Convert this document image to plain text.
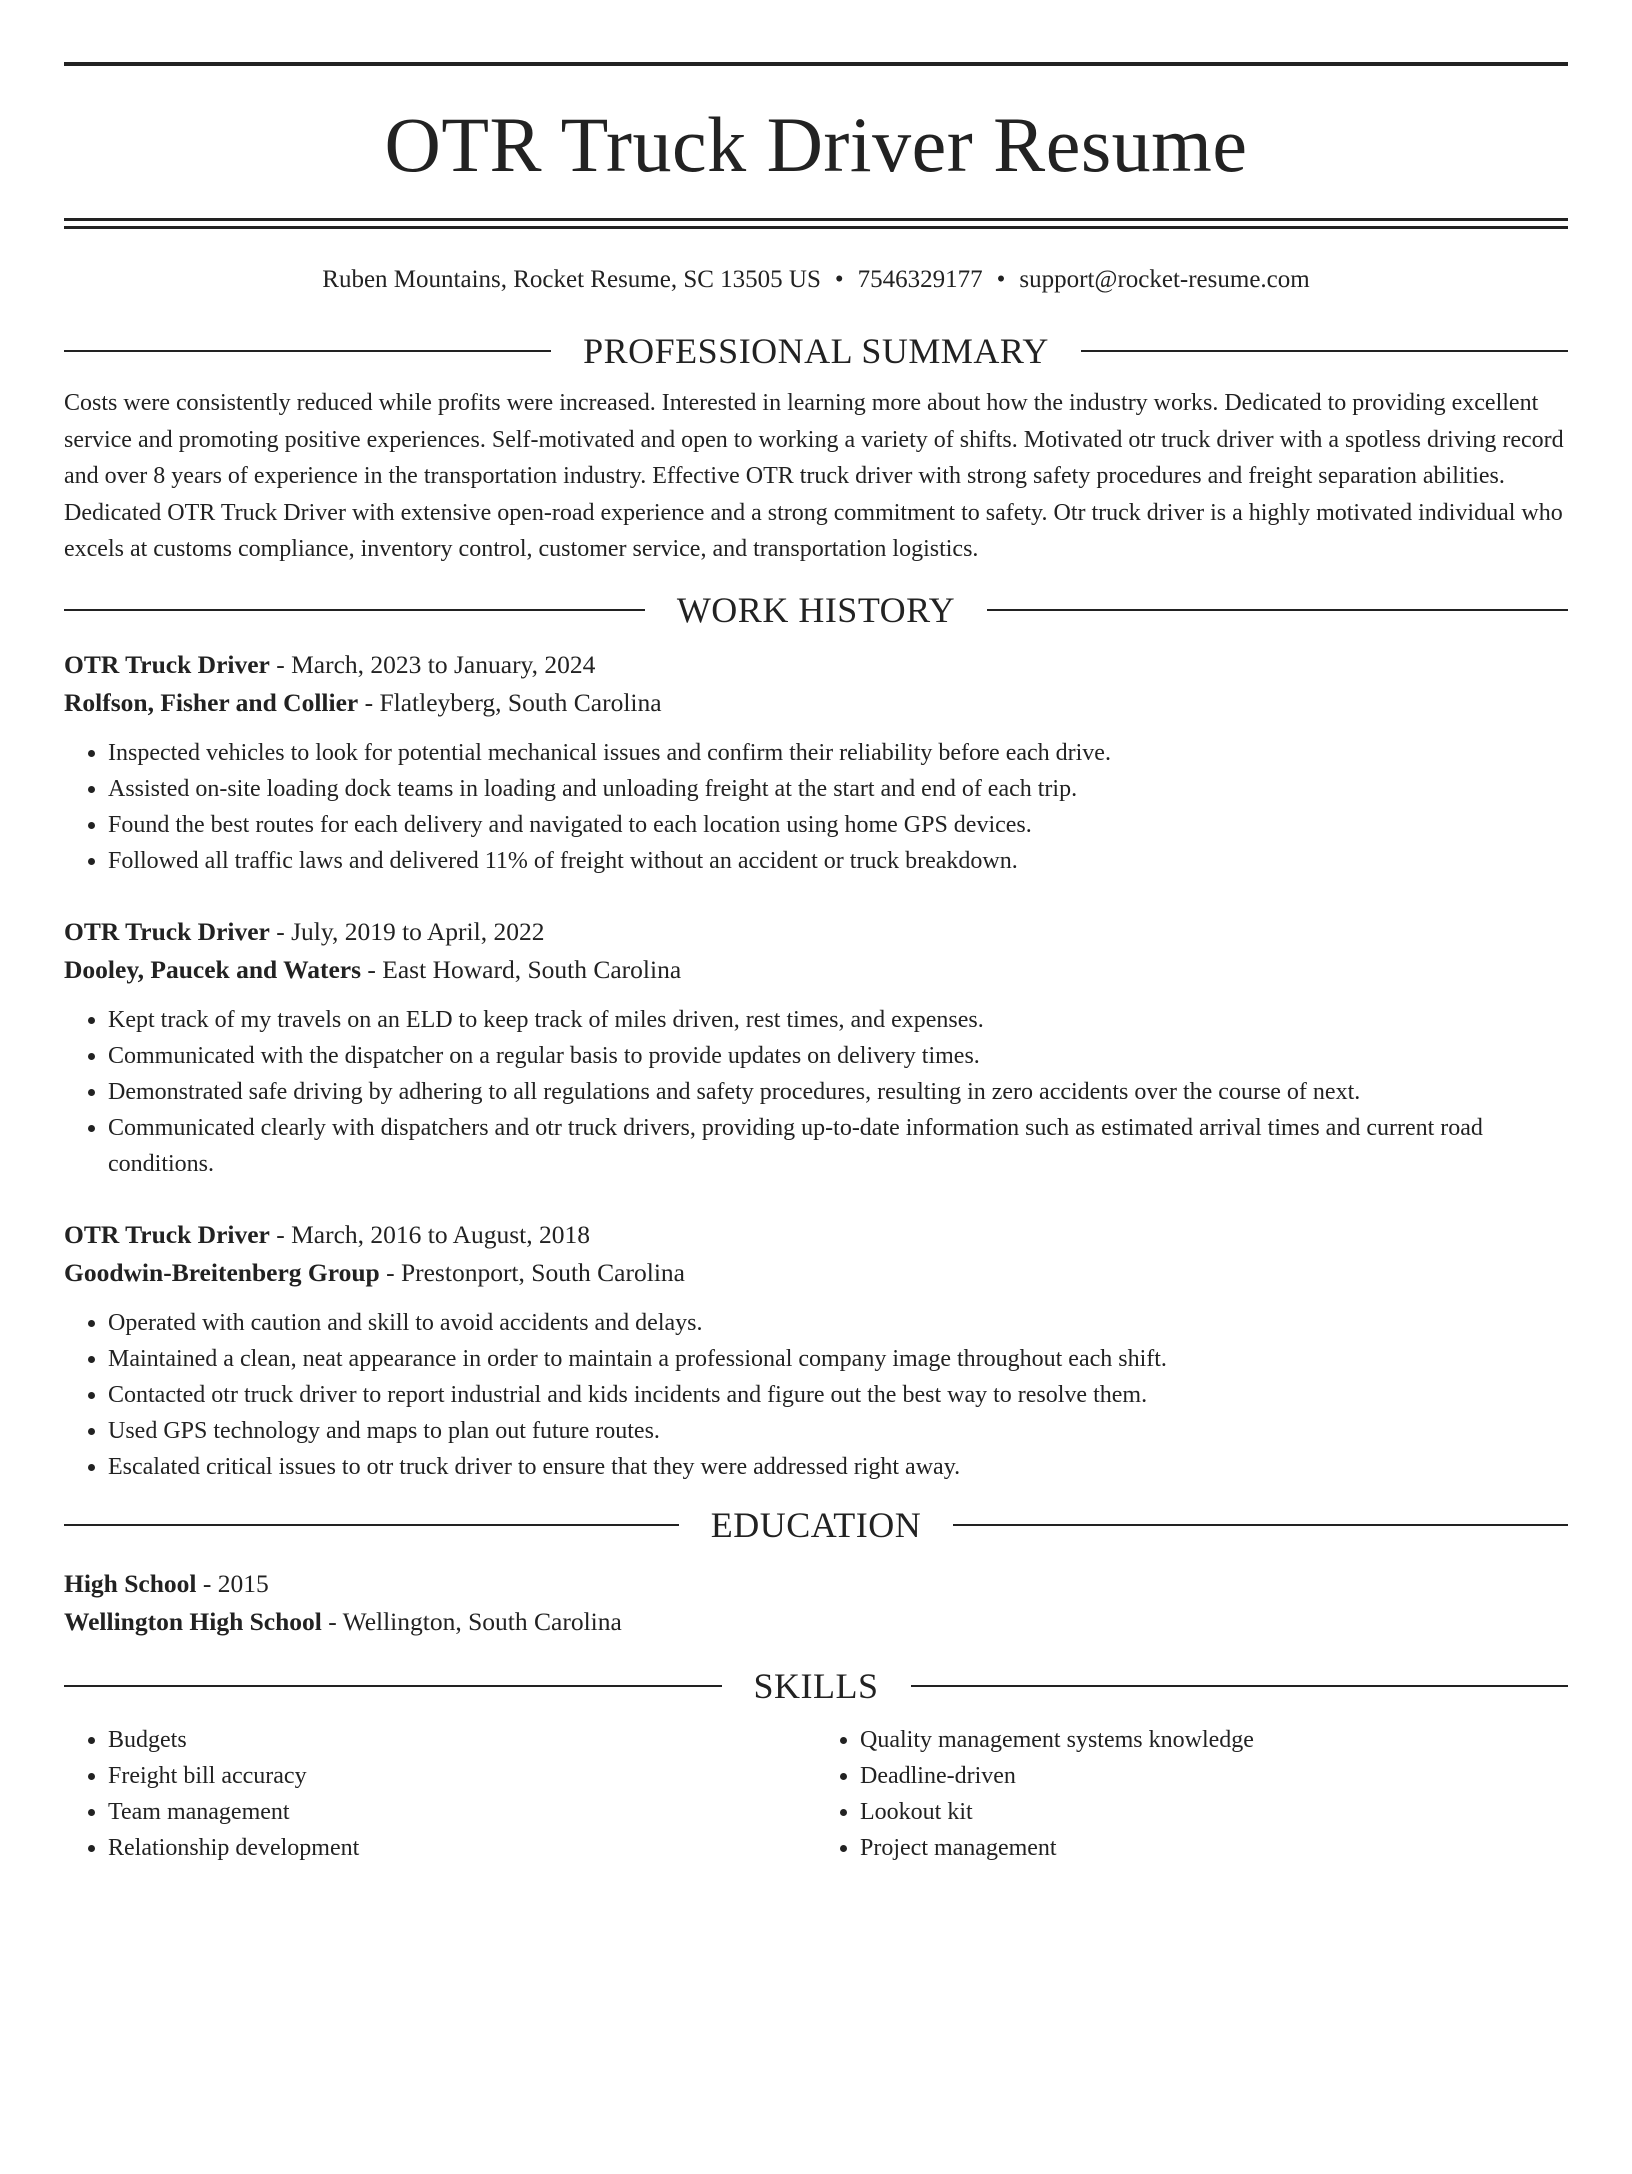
OTR Truck Driver Resume
Ruben Mountains, Rocket Resume, SC 13505 US • 7546329177 • support@rocket-resume.com
PROFESSIONAL SUMMARY

Costs were consistently reduced while profits were increased. Interested in learning more about how the industry works. Dedicated to providing excellent service and promoting positive experiences. Self-motivated and open to working a variety of shifts. Motivated otr truck driver with a spotless driving record and over 8 years of experience in the transportation industry. Effective OTR truck driver with strong safety procedures and freight separation abilities. Dedicated OTR Truck Driver with extensive open-road experience and a strong commitment to safety. Otr truck driver is a highly motivated individual who excels at customs compliance, inventory control, customer service, and transportation logistics.

WORK HISTORY
OTR Truck Driver - March, 2023 to January, 2024
Rolfson, Fisher and Collier - Flatleyberg, South Carolina
• Inspected vehicles to look for potential mechanical issues and confirm their reliability before each drive.
• Assisted on-site loading dock teams in loading and unloading freight at the start and end of each trip.
• Found the best routes for each delivery and navigated to each location using home GPS devices.
• Followed all traffic laws and delivered 11% of freight without an accident or truck breakdown.
OTR Truck Driver - July, 2019 to April, 2022
Dooley, Paucek and Waters - East Howard, South Carolina
• Kept track of my travels on an ELD to keep track of miles driven, rest times, and expenses.
• Communicated with the dispatcher on a regular basis to provide updates on delivery times.
• Demonstrated safe driving by adhering to all regulations and safety procedures, resulting in zero accidents over the course of next.
• Communicated clearly with dispatchers and otr truck drivers, providing up-to-date information such as estimated arrival times and current road conditions.
OTR Truck Driver - March, 2016 to August, 2018
Goodwin-Breitenberg Group - Prestonport, South Carolina
• Operated with caution and skill to avoid accidents and delays.
• Maintained a clean, neat appearance in order to maintain a professional company image throughout each shift.
• Contacted otr truck driver to report industrial and kids incidents and figure out the best way to resolve them.
• Used GPS technology and maps to plan out future routes.
• Escalated critical issues to otr truck driver to ensure that they were addressed right away.
EDUCATION
High School - 2015
Wellington High School - Wellington, South Carolina
SKILLS
• Budgets
• Freight bill accuracy
• Team management
• Relationship development
• Quality management systems knowledge
• Deadline-driven
• Lookout kit
• Project management
